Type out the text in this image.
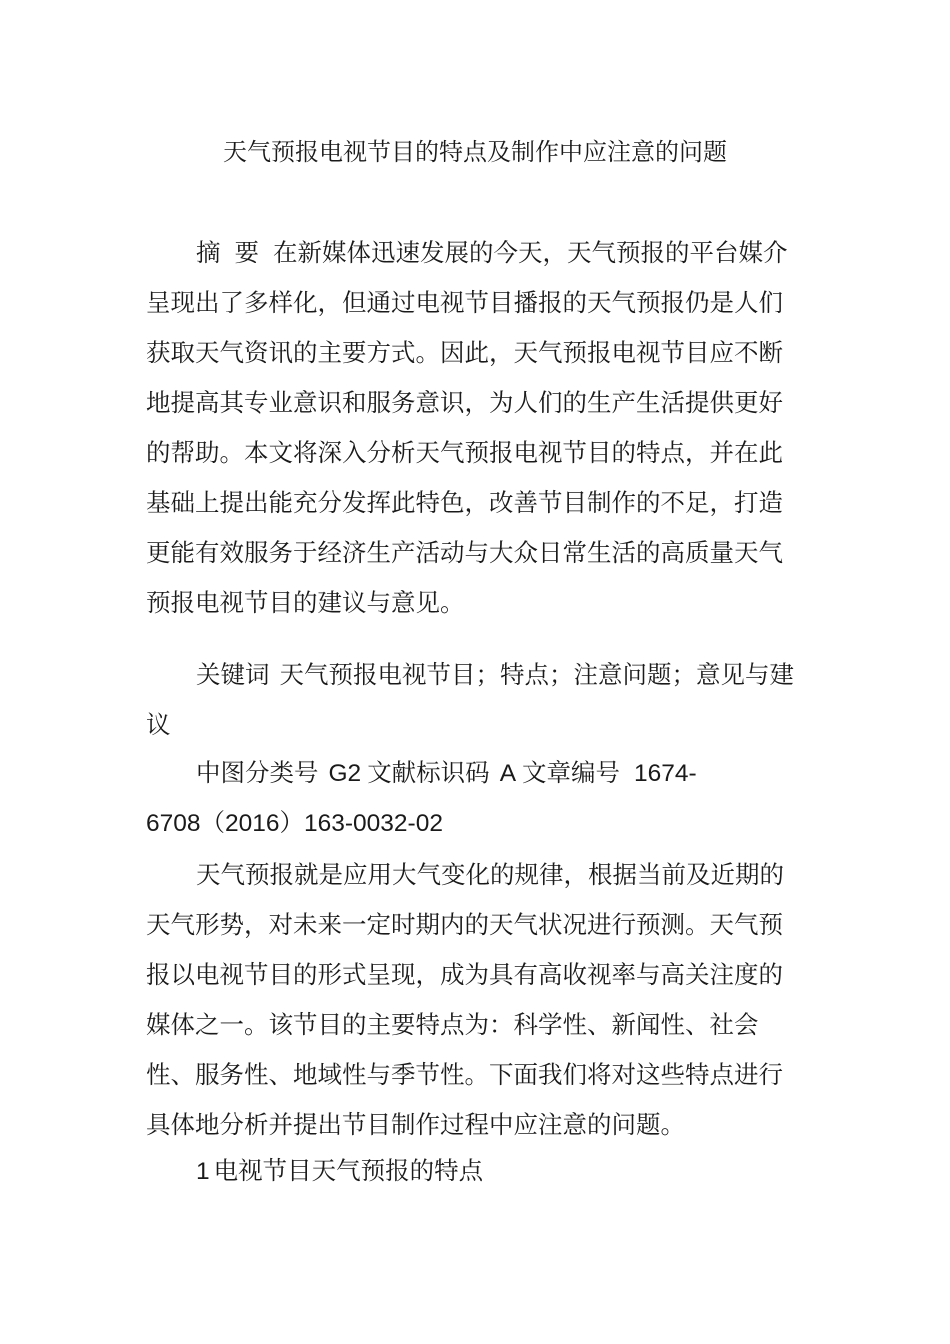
天气预报电视节目的特点及制作中应注意的问题

摘 要 在新媒体迅速发展的今天，天气预报的平台媒介呈现出了多样化，但通过电视节目播报的天气预报仍是人们获取天气资讯的主要方式。因此，天气预报电视节目应不断地提高其专业意识和服务意识，为人们的生产生活提供更好的帮助。本文将深入分析天气预报电视节目的特点，并在此基础上提出能充分发挥此特色，改善节目制作的不足，打造更能有效服务于经济生产活动与大众日常生活的高质量天气预报电视节目的建议与意见。

关键词 天气预报电视节目；特点；注意问题；意见与建议

中图分类号 G2 文献标识码 A 文章编号 1674-

6708（2016）163-0032-02

天气预报就是应用大气变化的规律，根据当前及近期的天气形势，对未来一定时期内的天气状况进行预测。天气预报以电视节目的形式呈现，成为具有高收视率与高关注度的媒体之一。该节目的主要特点为：科学性、新闻性、社会性、服务性、地域性与季节性。下面我们将对这些特点进行具体地分析并提出节目制作过程中应注意的问题。

1 电视节目天气预报的特点
